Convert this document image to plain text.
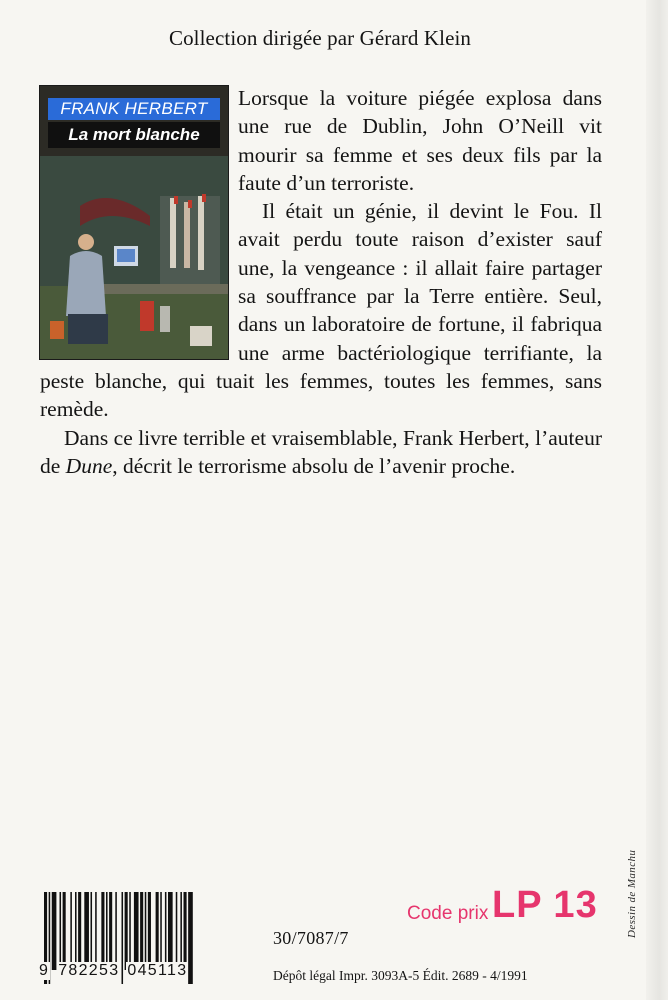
Collection dirigée par Gérard Klein
FRANK HERBERT
La mort blanche

Lorsque la voiture piégée explosa dans une rue de Dublin, John O’Neill vit mourir sa femme et ses deux fils par la faute d’un terroriste.

Il était un génie, il devint le Fou. Il avait perdu toute raison d’exister sauf une, la vengeance : il allait faire partager sa souffrance par la Terre entière. Seul, dans un laboratoire de fortune, il fabriqua une arme bactériologique terrifiante, la peste blanche, qui tuait les femmes, toutes les femmes, sans remède.

Dans ce livre terrible et vraisemblable, Frank Herbert, l’auteur de Dune, décrit le terrorisme absolu de l’avenir proche.

Dessin de Manchu
Code prix LP 13
9 782253 045113
30/7087/7
Dépôt légal Impr. 3093A-5 Édit. 2689 - 4/1991
